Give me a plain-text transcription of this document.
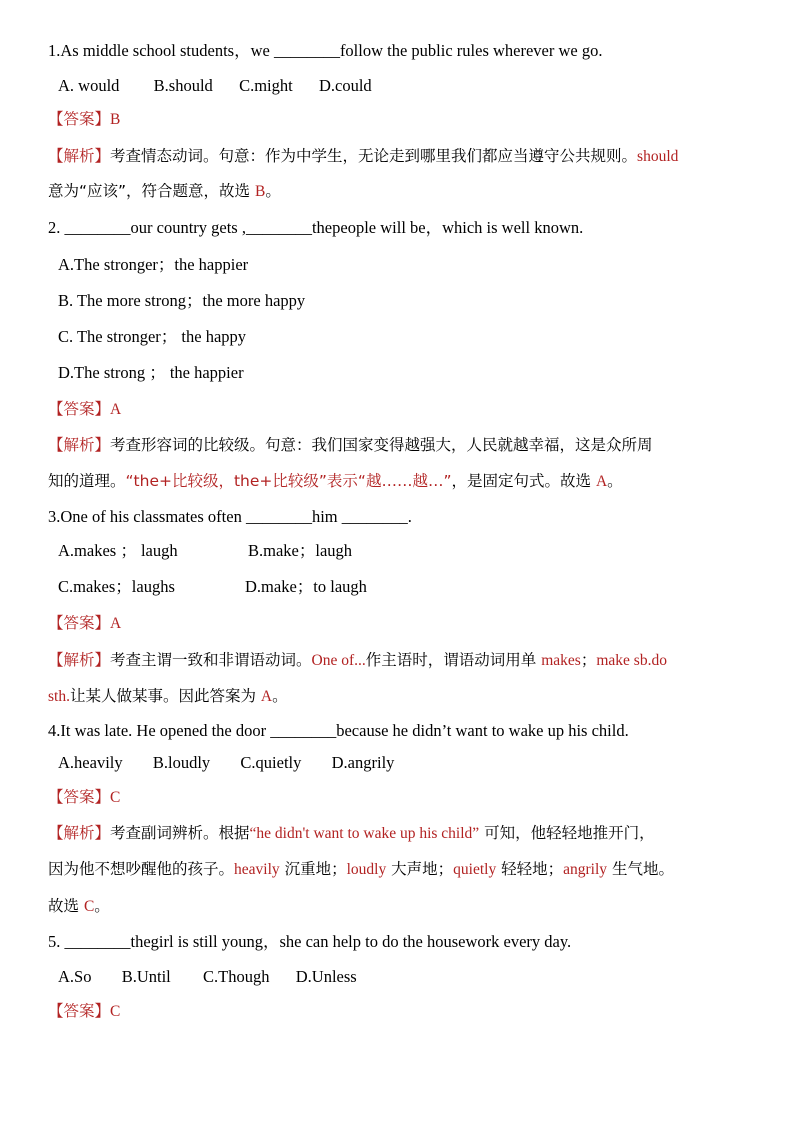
1.As middle school students，we ________follow the public rules wherever we go.
A. would B.should C.might D.could
【答案】B
【解析】考查情态动词。句意：作为中学生，无论走到哪里我们都应当遵守公共规则。should
意为“应该”，符合题意，故选 B。
2. ________our country gets ,________thepeople will be，which is well known.
A.The stronger；the happier
B. The more strong；the more happy
C. The stronger； the happy
D.The strong ； the happier
【答案】A
【解析】考查形容词的比较级。句意：我们国家变得越强大，人民就越幸福，这是众所周
知的道理。“the+比较级，the+比较级”表示“越……越…”，是固定句式。故选 A。
3.One of his classmates often ________him ________.
A.makes ； laugh	B.make；laugh
C.makes；laughs	D.make；to laugh
【答案】A
【解析】考查主谓一致和非谓语动词。One of...作主语时，谓语动词用单 makes；make sb.do
sth.让某人做某事。因此答案为 A。
4.It was late. He opened the door ________because he didn’t want to wake up his child.
A.heavily B.loudly C.quietly D.angrily
【答案】C
【解析】考查副词辨析。根据“he didn't want to wake up his child” 可知，他轻轻地推开门，
因为他不想吵醒他的孩子。heavily 沉重地；loudly 大声地；quietly 轻轻地；angrily 生气地。
故选 C。
5. ________thegirl is still young，she can help to do the housework every day.
A.So B.Until C.Though D.Unless
【答案】C
